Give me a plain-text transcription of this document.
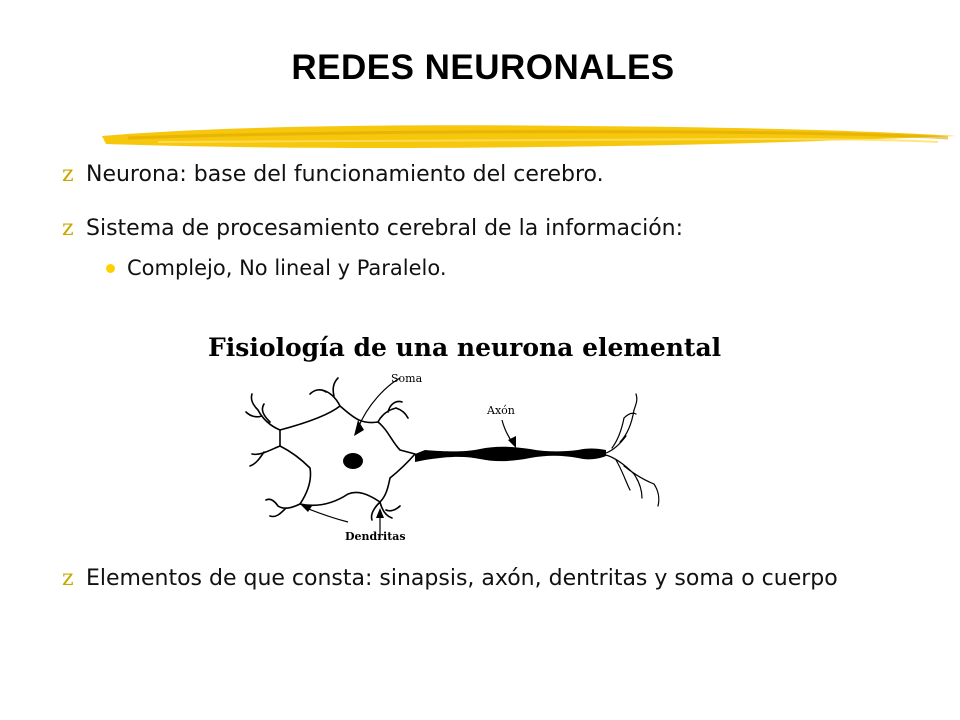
REDES NEURONALES
z Neurona: base del funcionamiento del cerebro.
z Sistema de procesamiento cerebral de la información:
Complejo, No lineal y Paralelo.
Fisiología de una neurona elemental
Soma
Axón
Dendritas
z Elementos de que consta: sinapsis, axón, dentritas y soma o cuerpo
